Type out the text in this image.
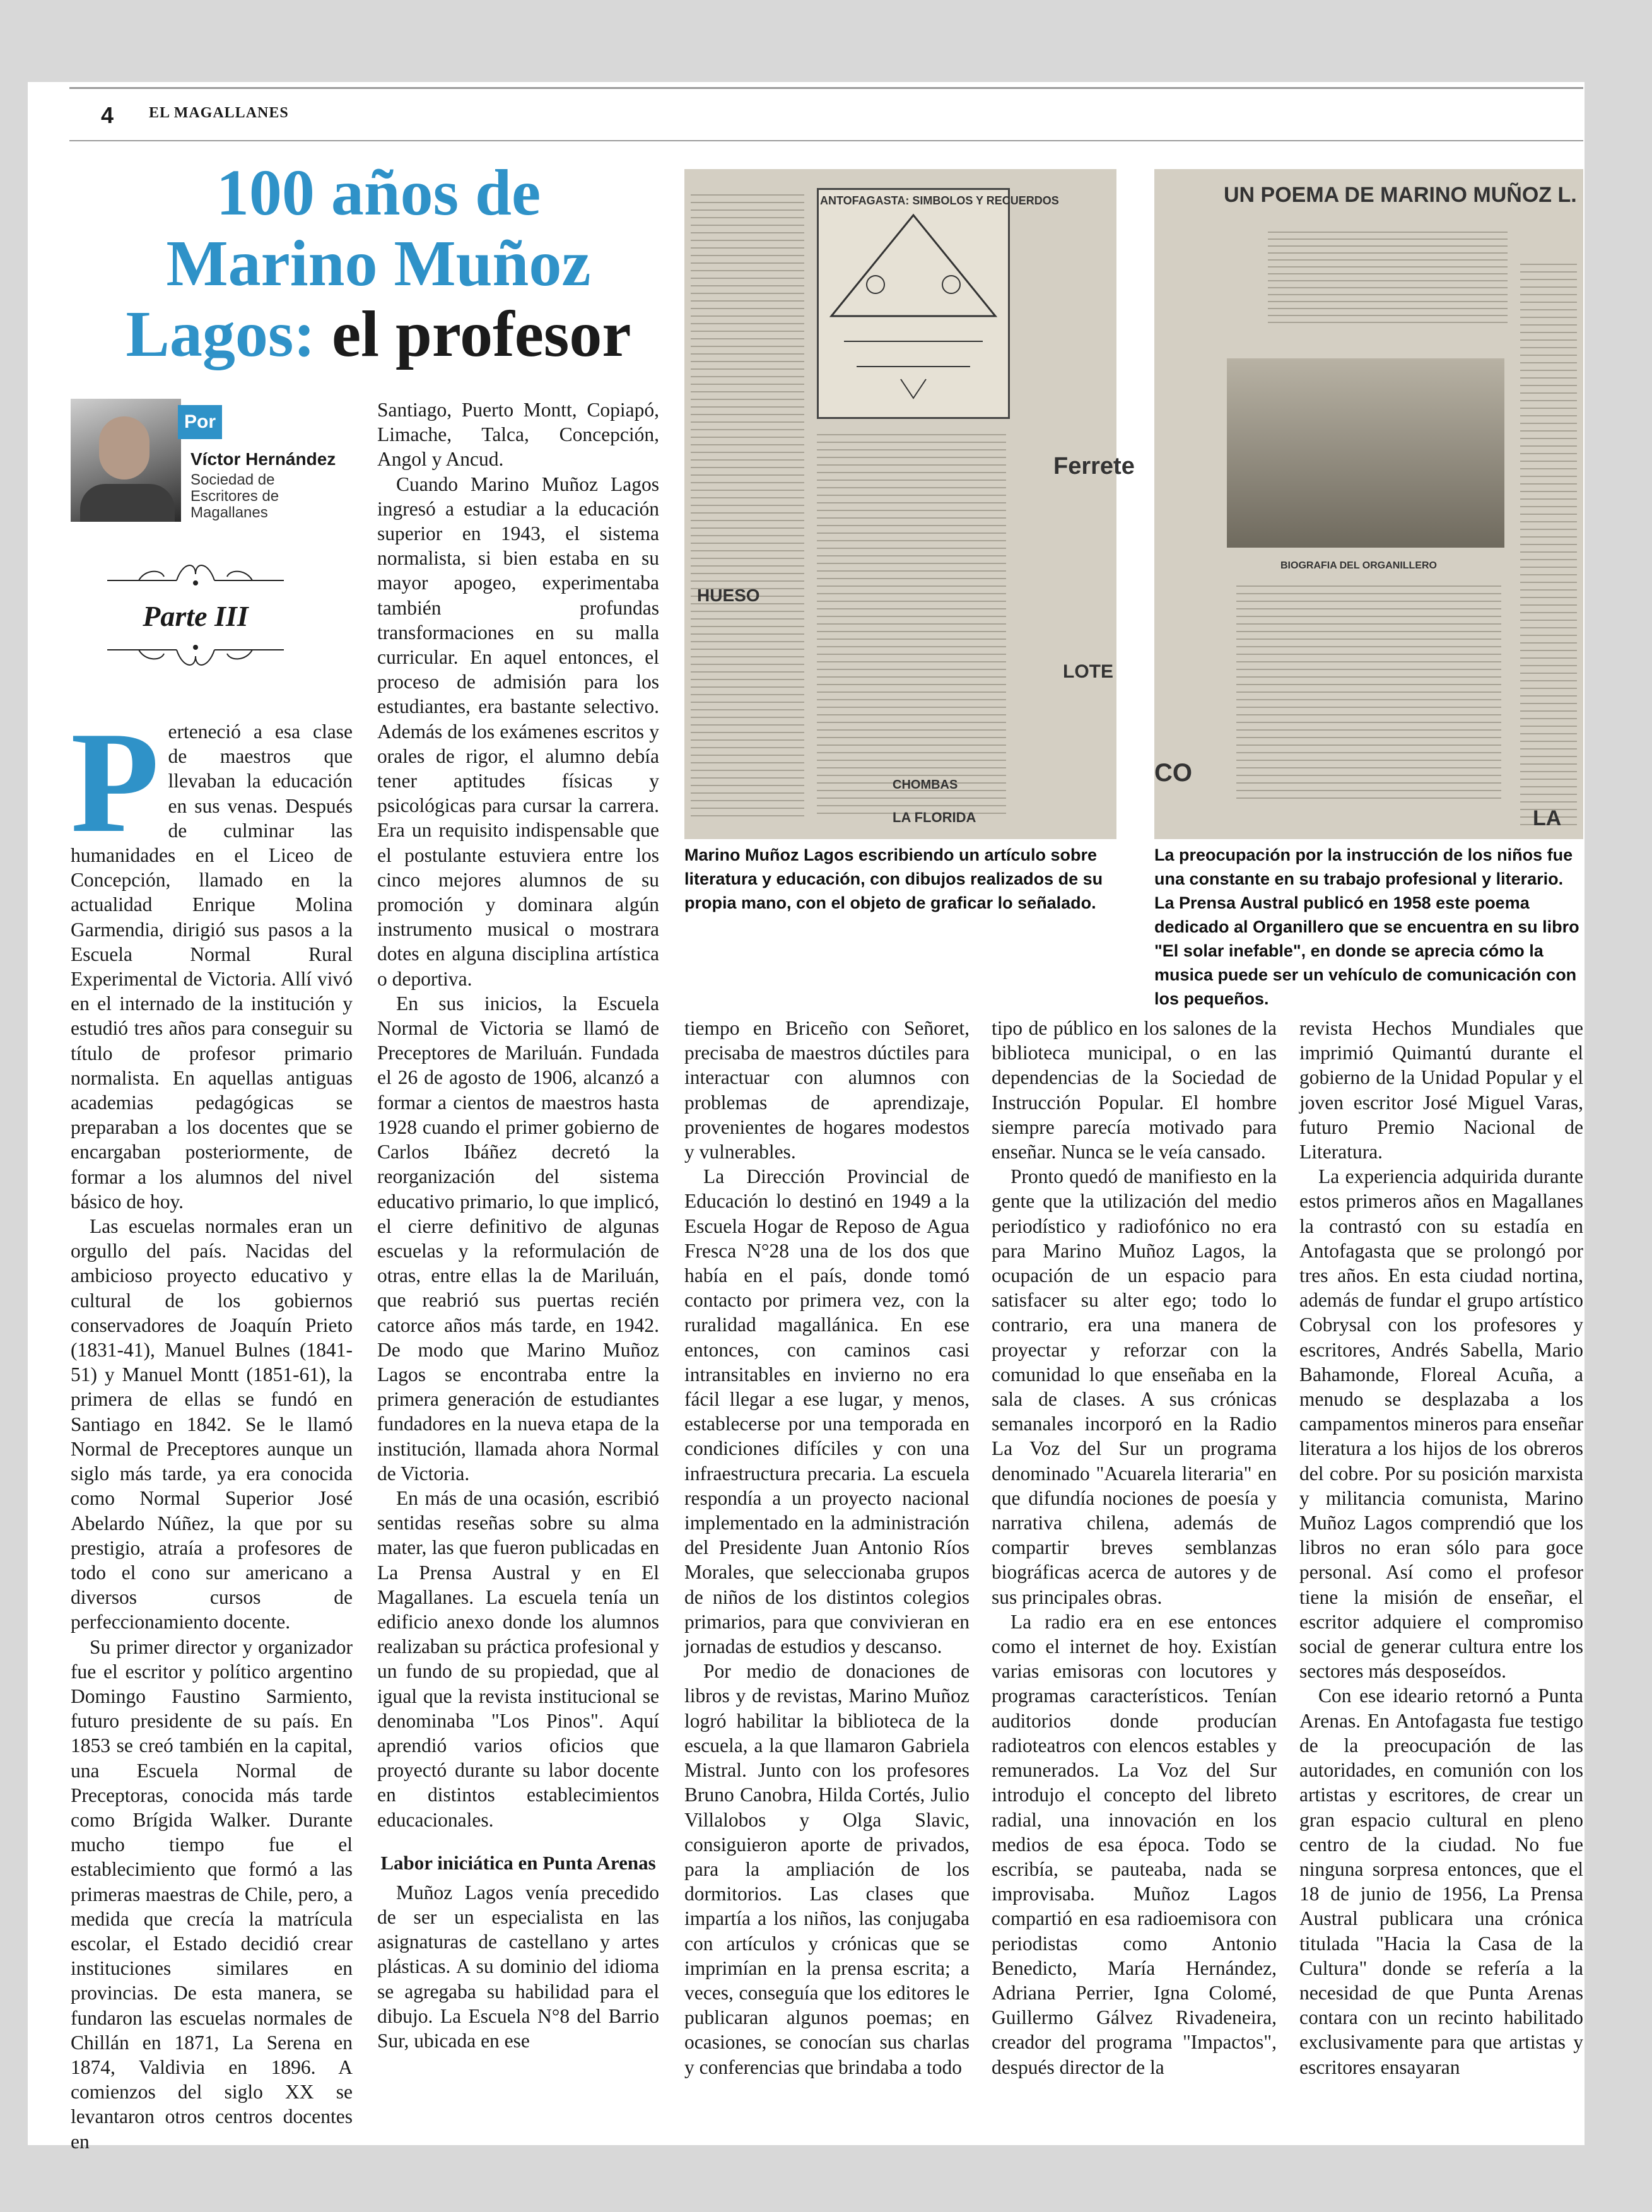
4 EL MAGALLANES
100 años de
Marino Muñoz
Lagos: el profesor
Por
Víctor Hernández
Sociedad de Escritores de Magallanes
Parte III

Perteneció a esa clase de maestros que llevaban la educación en sus venas. Después de culminar las humanidades en el Liceo de Concepción, llamado en la actualidad Enrique Molina Garmendia, dirigió sus pasos a la Escuela Normal Rural Experimental de Victoria. Allí vivó en el internado de la institución y estudió tres años para conseguir su título de profesor primario normalista. En aquellas antiguas academias pedagógicas se preparaban a los docentes que se encargaban posteriormente, de formar a los alumnos del nivel básico de hoy.

Las escuelas normales eran un orgullo del país. Nacidas del ambicioso proyecto educativo y cultural de los gobiernos conservadores de Joaquín Prieto (1831-41), Manuel Bulnes (1841-51) y Manuel Montt (1851-61), la primera de ellas se fundó en Santiago en 1842. Se le llamó Normal de Preceptores aunque un siglo más tarde, ya era conocida como Normal Superior José Abelardo Núñez, la que por su prestigio, atraía a profesores de todo el cono sur americano a diversos cursos de perfeccionamiento docente.

Su primer director y organizador fue el escritor y político argentino Domingo Faustino Sarmiento, futuro presidente de su país. En 1853 se creó también en la capital, una Escuela Normal de Preceptoras, conocida más tarde como Brígida Walker. Durante mucho tiempo fue el establecimiento que formó a las primeras maestras de Chile, pero, a medida que crecía la matrícula escolar, el Estado decidió crear instituciones similares en provincias. De esta manera, se fundaron las escuelas normales de Chillán en 1871, La Serena en 1874, Valdivia en 1896. A comienzos del siglo XX se levantaron otros centros docentes en

Santiago, Puerto Montt, Copiapó, Limache, Talca, Concepción, Angol y Ancud.

Cuando Marino Muñoz Lagos ingresó a estudiar a la educación superior en 1943, el sistema normalista, si bien estaba en su mayor apogeo, experimentaba también profundas transformaciones en su malla curricular. En aquel entonces, el proceso de admisión para los estudiantes, era bastante selectivo. Además de los exámenes escritos y orales de rigor, el alumno debía tener aptitudes físicas y psicológicas para cursar la carrera. Era un requisito indispensable que el postulante estuviera entre los cinco mejores alumnos de su promoción y dominara algún instrumento musical o mostrara dotes en alguna disciplina artística o deportiva.

En sus inicios, la Escuela Normal de Victoria se llamó de Preceptores de Mariluán. Fundada el 26 de agosto de 1906, alcanzó a formar a cientos de maestros hasta 1928 cuando el primer gobierno de Carlos Ibáñez decretó la reorganización del sistema educativo primario, lo que implicó, el cierre definitivo de algunas escuelas y la reformulación de otras, entre ellas la de Mariluán, que reabrió sus puertas recién catorce años más tarde, en 1942. De modo que Marino Muñoz Lagos se encontraba entre la primera generación de estudiantes fundadores en la nueva etapa de la institución, llamada ahora Normal de Victoria.

En más de una ocasión, escribió sentidas reseñas sobre su alma mater, las que fueron publicadas en La Prensa Austral y en El Magallanes. La escuela tenía un edificio anexo donde los alumnos realizaban su práctica profesional y un fundo de su propiedad, que al igual que la revista institucional se denominaba "Los Pinos". Aquí aprendió varios oficios que proyectó durante su labor docente en distintos establecimientos educacionales.

Labor iniciática en Punta Arenas

Muñoz Lagos venía precedido de ser un especialista en las asignaturas de castellano y artes plásticas. A su dominio del idioma se agregaba su habilidad para el dibujo. La Escuela N°8 del Barrio Sur, ubicada en ese

ANTOFAGASTA: SIMBOLOS Y RECUERDOS
Ferrete
LOTE
HUESO
CHOMBAS
LA FLORIDA
UN POEMA DE MARINO MUÑOZ L.
BIOGRAFIA DEL ORGANILLERO
CO
LA
Marino Muñoz Lagos escribiendo un artículo sobre literatura y educación, con dibujos realizados de su propia mano, con el objeto de graficar lo señalado.
La preocupación por la instrucción de los niños fue una constante en su trabajo profesional y literario. La Prensa Austral publicó en 1958 este poema dedicado al Organillero que se encuentra en su libro "El solar inefable", en donde se aprecia cómo la musica puede ser un vehículo de comunicación con los pequeños.

tiempo en Briceño con Señoret, precisaba de maestros dúctiles para interactuar con alumnos con problemas de aprendizaje, provenientes de hogares modestos y vulnerables.

La Dirección Provincial de Educación lo destinó en 1949 a la Escuela Hogar de Reposo de Agua Fresca N°28 una de los dos que había en el país, donde tomó contacto por primera vez, con la ruralidad magallánica. En ese entonces, con caminos casi intransitables en invierno no era fácil llegar a ese lugar, y menos, establecerse por una temporada en condiciones difíciles y con una infraestructura precaria. La escuela respondía a un proyecto nacional implementado en la administración del Presidente Juan Antonio Ríos Morales, que seleccionaba grupos de niños de los distintos colegios primarios, para que convivieran en jornadas de estudios y descanso.

Por medio de donaciones de libros y de revistas, Marino Muñoz logró habilitar la biblioteca de la escuela, a la que llamaron Gabriela Mistral. Junto con los profesores Bruno Canobra, Hilda Cortés, Julio Villalobos y Olga Slavic, consiguieron aporte de privados, para la ampliación de los dormitorios. Las clases que impartía a los niños, las conjugaba con artículos y crónicas que se imprimían en la prensa escrita; a veces, conseguía que los editores le publicaran algunos poemas; en ocasiones, se conocían sus charlas y conferencias que brindaba a todo

tipo de público en los salones de la biblioteca municipal, o en las dependencias de la Sociedad de Instrucción Popular. El hombre siempre parecía motivado para enseñar. Nunca se le veía cansado.

Pronto quedó de manifiesto en la gente que la utilización del medio periodístico y radiofónico no era para Marino Muñoz Lagos, la ocupación de un espacio para satisfacer su alter ego; todo lo contrario, era una manera de proyectar y reforzar con la comunidad lo que enseñaba en la sala de clases. A sus crónicas semanales incorporó en la Radio La Voz del Sur un programa denominado "Acuarela literaria" en que difundía nociones de poesía y narrativa chilena, además de compartir breves semblanzas biográficas acerca de autores y de sus principales obras.

La radio era en ese entonces como el internet de hoy. Existían varias emisoras con locutores y programas característicos. Tenían auditorios donde producían radioteatros con elencos estables y remunerados. La Voz del Sur introdujo el concepto del libreto radial, una innovación en los medios de esa época. Todo se escribía, se pauteaba, nada se improvisaba. Muñoz Lagos compartió en esa radioemisora con periodistas como Antonio Benedicto, María Hernández, Adriana Perrier, Igna Colomé, Guillermo Gálvez Rivadeneira, creador del programa "Impactos", después director de la

revista Hechos Mundiales que imprimió Quimantú durante el gobierno de la Unidad Popular y el joven escritor José Miguel Varas, futuro Premio Nacional de Literatura.

La experiencia adquirida durante estos primeros años en Magallanes la contrastó con su estadía en Antofagasta que se prolongó por tres años. En esta ciudad nortina, además de fundar el grupo artístico Cobrysal con los profesores y escritores, Andrés Sabella, Mario Bahamonde, Floreal Acuña, a menudo se desplazaba a los campamentos mineros para enseñar literatura a los hijos de los obreros del cobre. Por su posición marxista y militancia comunista, Marino Muñoz Lagos comprendió que los libros no eran sólo para goce personal. Así como el profesor tiene la misión de enseñar, el escritor adquiere el compromiso social de generar cultura entre los sectores más desposeídos.

Con ese ideario retornó a Punta Arenas. En Antofagasta fue testigo de la preocupación de las autoridades, en comunión con los artistas y escritores, de crear un gran espacio cultural en pleno centro de la ciudad. No fue ninguna sorpresa entonces, que el 18 de junio de 1956, La Prensa Austral publicara una crónica titulada "Hacia la Casa de la Cultura" donde se refería a la necesidad de que Punta Arenas contara con un recinto habilitado exclusivamente para que artistas y escritores ensayaran
